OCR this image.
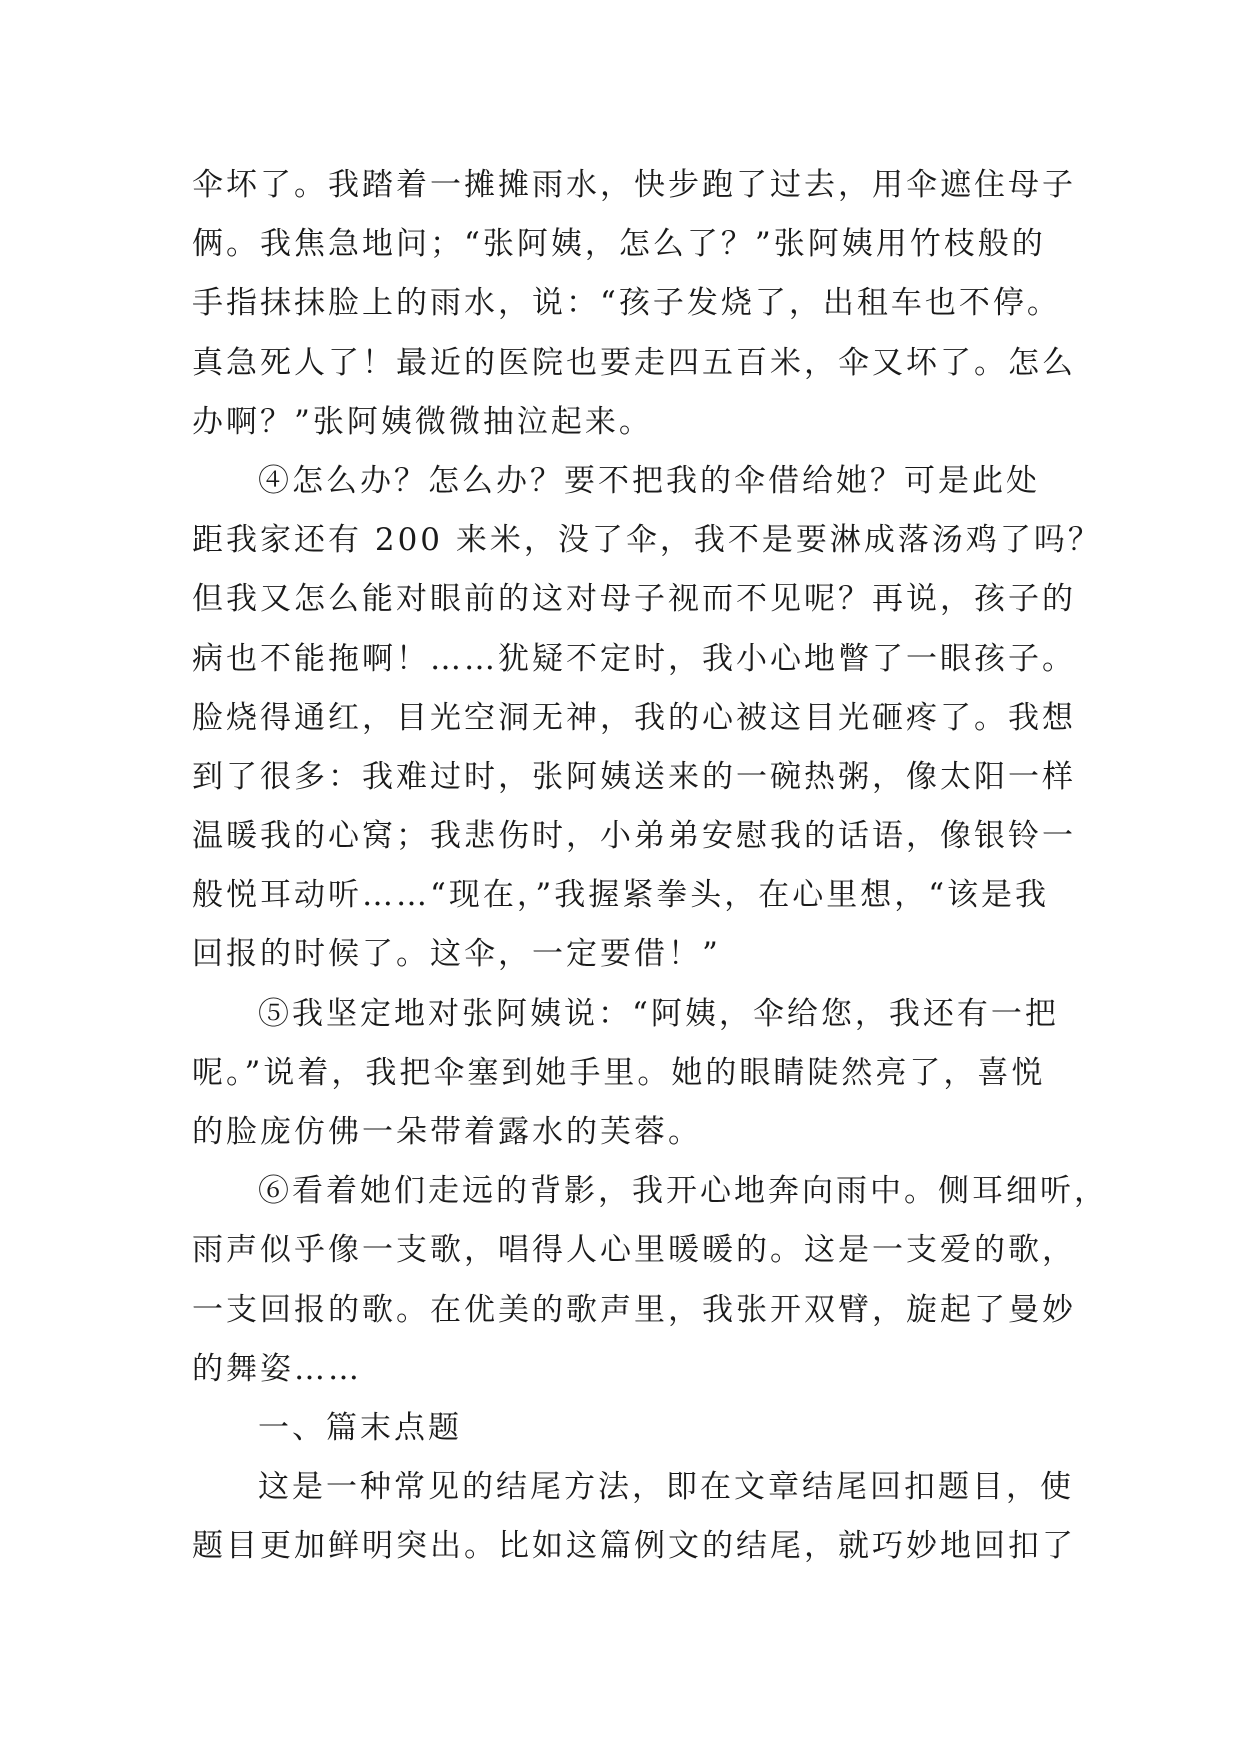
伞坏了。我踏着一摊摊雨水，快步跑了过去，用伞遮住母子
俩。我焦急地问；“张阿姨，怎么了？”张阿姨用竹枝般的
手指抹抹脸上的雨水，说：“孩子发烧了，出租车也不停。
真急死人了！最近的医院也要走四五百米，伞又坏了。怎么
办啊？”张阿姨微微抽泣起来。
④怎么办？怎么办？要不把我的伞借给她？可是此处
距我家还有 200 来米，没了伞，我不是要淋成落汤鸡了吗？
但我又怎么能对眼前的这对母子视而不见呢？再说，孩子的
病也不能拖啊！……犹疑不定时，我小心地瞥了一眼孩子。
脸烧得通红，目光空洞无神，我的心被这目光砸疼了。我想
到了很多：我难过时，张阿姨送来的一碗热粥，像太阳一样
温暖我的心窝；我悲伤时，小弟弟安慰我的话语，像银铃一
般悦耳动听……“现在，”我握紧拳头，在心里想，“该是我
回报的时候了。这伞，一定要借！”
⑤我坚定地对张阿姨说：“阿姨，伞给您，我还有一把
呢。”说着，我把伞塞到她手里。她的眼睛陡然亮了，喜悦
的脸庞仿佛一朵带着露水的芙蓉。
⑥看着她们走远的背影，我开心地奔向雨中。侧耳细听，
雨声似乎像一支歌，唱得人心里暖暖的。这是一支爱的歌，
一支回报的歌。在优美的歌声里，我张开双臂，旋起了曼妙
的舞姿……
一、篇末点题
这是一种常见的结尾方法，即在文章结尾回扣题目，使
题目更加鲜明突出。比如这篇例文的结尾，就巧妙地回扣了
